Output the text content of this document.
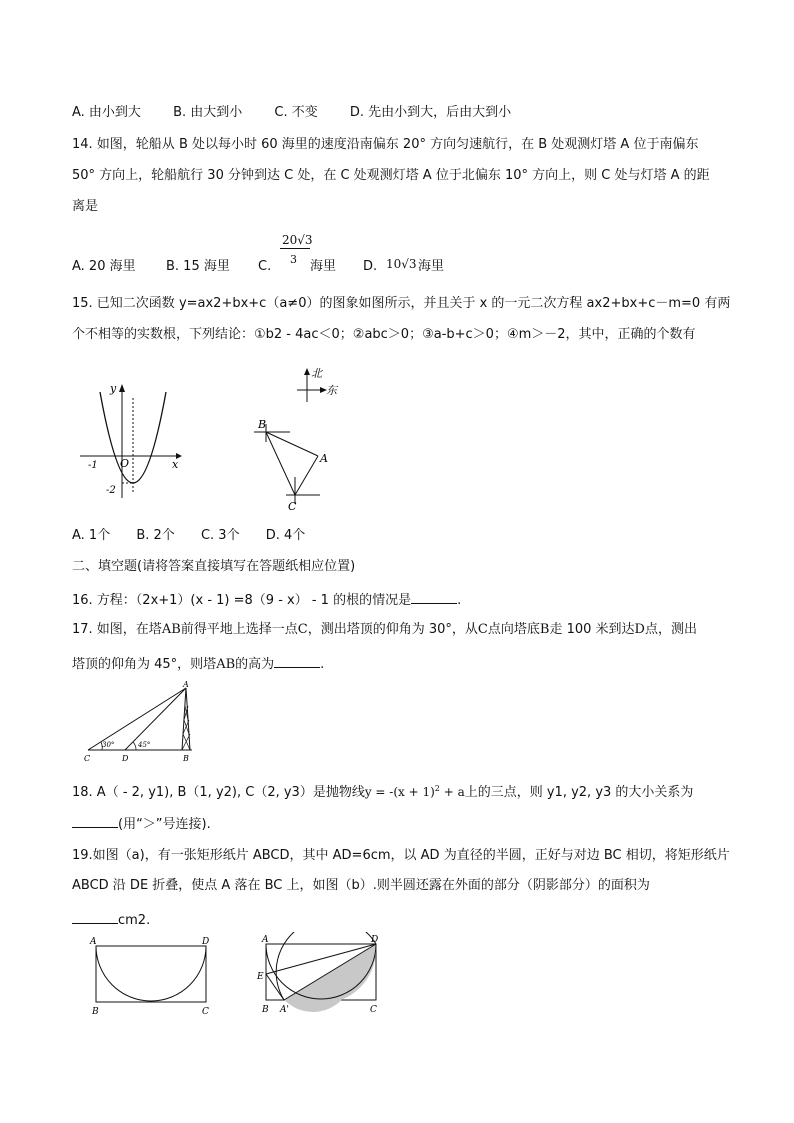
A. 由小到大 B. 由大到小 C. 不变 D. 先由小到大，后由大到小
14. 如图，轮船从 B 处以每小时 60 海里的速度沿南偏东 20° 方向匀速航行，在 B 处观测灯塔 A 位于南偏东
50° 方向上，轮船航行 30 分钟到达 C 处，在 C 处观测灯塔 A 位于北偏东 10° 方向上，则 C 处与灯塔 A 的距
离是
A. 20 海里 B. 15 海里 C.
20√3
3 海里 D. 10√3 海里
15. 已知二次函数 y=ax2+bx+c（a≠0）的图象如图所示，并且关于 x 的一元二次方程 ax2+bx+c－m=0 有两
个不相等的实数根，下列结论：①b2 - 4ac＜0；②abc＞0；③a-b+c＞0；④m＞－2，其中，正确的个数有
y
x
-1 O
-2
北
东
B
A
C
A. 1个 B. 2个 C. 3个 D. 4个
二、填空题(请将答案直接填写在答题纸相应位置)
16. 方程：（2x+1）(x - 1) =8（9 - x） - 1 的根的情况是	.
17. 如图，在塔AB前得平地上选择一点C，测出塔顶的仰角为 30°，从C点向塔底B走 100 米到达D点，测出
塔顶的仰角为 45°，则塔AB的高为	.
A
C	D	B
30°	45°
18. A（ - 2, y1), B（1, y2), C（2, y3）是抛物线$y = -(x + 1)^2 + a$上的三点，则 y1, y2, y3 的大小关系为
(用“＞”号连接).
19.如图（a)，有一张矩形纸片 ABCD，其中 AD=6cm，以 AD 为直径的半圆，正好与对边 BC 相切，将矩形纸片
ABCD 沿 DE 折叠，使点 A 落在 BC 上，如图（b）.则半圆还露在外面的部分（阴影部分）的面积为
cm2.
A	D
B	C
A	D
E
B A'	C
